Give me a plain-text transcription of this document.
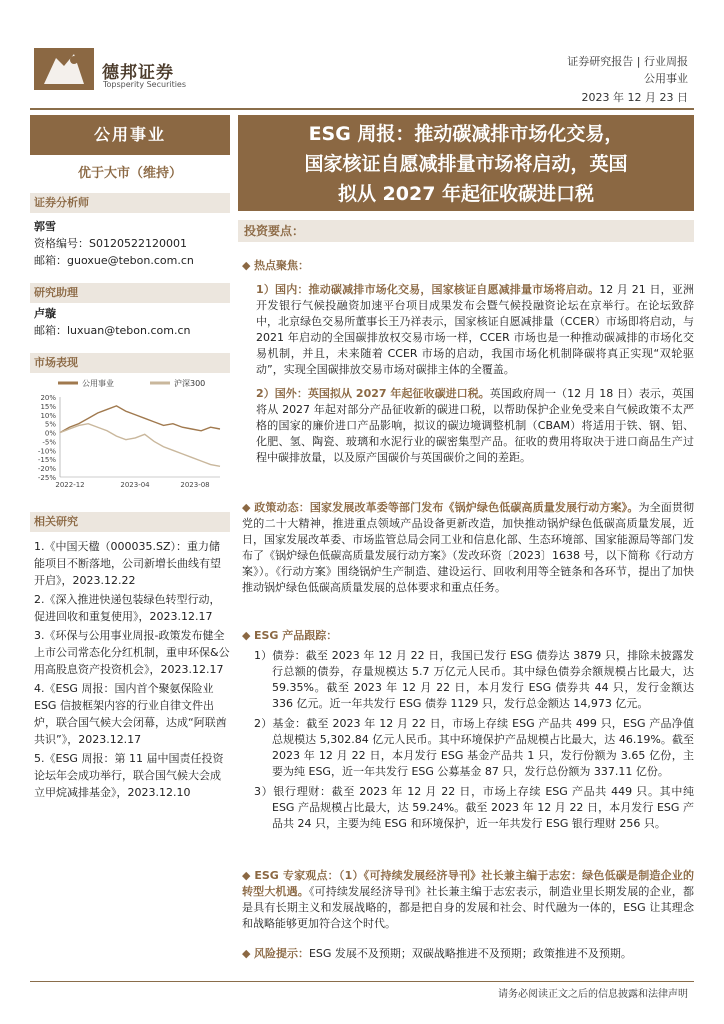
德邦证券
Topsperity Securities
证券研究报告 | 行业周报
公用事业
2023 年 12 月 23 日
公用事业
优于大市（维持）
ESG 周报：推动碳减排市场化交易，
国家核证自愿减排量市场将启动，英国
拟从 2027 年起征收碳进口税
证券分析师
郭雪
资格编号：S0120522120001
邮箱：guoxue@tebon.com.cn
研究助理
卢璇
邮箱：luxuan@tebon.com.cn
市场表现
公用事业	沪深300
20%
15%
10%
5%
0%
-5%
-10%
-15%
-20%
-25%
2022-12	2023-04	2023-08
相关研究
1.《中国天楹（000035.SZ）：重力储能项目不断落地，公司新增长曲线有望开启》，2023.12.22
2.《深入推进快递包装绿色转型行动，促进回收和重复使用》，2023.12.17
3.《环保与公用事业周报-政策发布健全上市公司常态化分红机制，重申环保&公用高股息资产投资机会》，2023.12.17
4.《ESG 周报：国内首个聚氨保险业 ESG 信披框架内容的行业自律文件出炉，联合国气候大会闭幕，达成“阿联酋共识”》，2023.12.17
5.《ESG 周报：第 11 届中国责任投资论坛年会成功举行，联合国气候大会成立甲烷减排基金》，2023.12.10
投资要点：
◆ 热点聚焦：
1）国内：推动碳减排市场化交易，国家核证自愿减排量市场将启动。12 月 21 日，亚洲开发银行气候投融资加速平台项目成果发布会暨气候投融资论坛在京举行。在论坛致辞中，北京绿色交易所董事长王乃祥表示，国家核证自愿减排量（CCER）市场即将启动，与 2021 年启动的全国碳排放权交易市场一样，CCER 市场也是一种推动碳减排的市场化交易机制，并且，未来随着 CCER 市场的启动，我国市场化机制降碳将真正实现“双轮驱动”，实现全国碳排放交易市场对碳排主体的全覆盖。
2）国外：英国拟从 2027 年起征收碳进口税。英国政府周一（12 月 18 日）表示，英国将从 2027 年起对部分产品征收新的碳进口税，以帮助保护企业免受来自气候政策不太严格的国家的廉价进口产品影响，拟议的碳边境调整机制（CBAM）将适用于铁、钢、铝、化肥、氢、陶瓷、玻璃和水泥行业的碳密集型产品。征收的费用将取决于进口商品生产过程中碳排放量，以及原产国碳价与英国碳价之间的差距。
◆ 政策动态：国家发展改革委等部门发布《锅炉绿色低碳高质量发展行动方案》。为全面贯彻党的二十大精神，推进重点领域产品设备更新改造，加快推动锅炉绿色低碳高质量发展，近日，国家发展改革委、市场监管总局会同工业和信息化部、生态环境部、国家能源局等部门发布了《锅炉绿色低碳高质量发展行动方案》（发改环资〔2023〕1638 号，以下简称《行动方案》）。《行动方案》围绕锅炉生产制造、建设运行、回收利用等全链条和各环节，提出了加快推动锅炉绿色低碳高质量发展的总体要求和重点任务。
◆ ESG 产品跟踪：
1）债券：截至 2023 年 12 月 22 日，我国已发行 ESG 债券达 3879 只，排除未披露发行总额的债券，存量规模达 5.7 万亿元人民币。其中绿色债券余额规模占比最大，达 59.35%。截至 2023 年 12 月 22 日，本月发行 ESG 债券共 44 只，发行金额达 336 亿元。近一年共发行 ESG 债券 1129 只，发行总金额达 14,973 亿元。
2）基金：截至 2023 年 12 月 22 日，市场上存续 ESG 产品共 499 只，ESG 产品净值总规模达 5,302.84 亿元人民币。其中环境保护产品规模占比最大，达 46.19%。截至 2023 年 12 月 22 日，本月发行 ESG 基金产品共 1 只，发行份额为 3.65 亿份，主要为纯 ESG，近一年共发行 ESG 公募基金 87 只，发行总份额为 337.11 亿份。
3）银行理财：截至 2023 年 12 月 22 日，市场上存续 ESG 产品共 449 只。其中纯 ESG 产品规模占比最大，达 59.24%。截至 2023 年 12 月 22 日，本月发行 ESG 产品共 24 只，主要为纯 ESG 和环境保护，近一年共发行 ESG 银行理财 256 只。
◆ ESG 专家观点：（1）《可持续发展经济导刊》社长兼主编于志宏：绿色低碳是制造企业的转型大机遇。《可持续发展经济导刊》社长兼主编于志宏表示，制造业里长期发展的企业，都是具有长期主义和发展战略的，都是把自身的发展和社会、时代融为一体的，ESG 让其理念和战略能够更加符合这个时代。
◆ 风险提示：ESG 发展不及预期；双碳战略推进不及预期；政策推进不及预期。
请务必阅读正文之后的信息披露和法律声明
